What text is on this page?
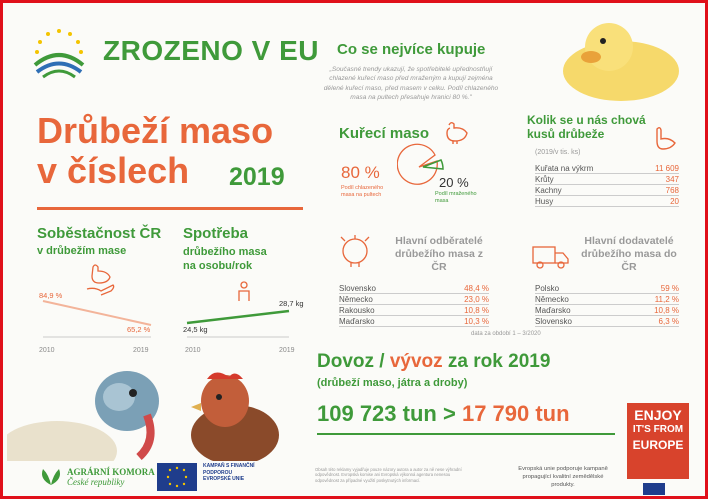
ZROZENO V EU
Drůbeží maso
v číslech	2019
Co se nejvíce kupuje
„Současné trendy ukazují, že spotřebitelé upřednostňují chlazené kuřecí maso před mraženým a kupují zejména dělené kuřecí maso, před masem v celku. Podíl chlazeného masa na pultech přesahuje hranici 80 %."
Kuřecí maso
80 %
Podíl chlazeného masa na pultech
20 %
Podíl mraženého masa
Kolik se u nás chová kusů drůbeže
(2019/v tis. ks)
Kuřata na výkrm	11 609
Krůty	347
Kachny	768
Husy	20
Soběstačnost ČR
v drůbežím mase
84,9 %
65,2 %
2010	2019
Spotřeba
drůbežího masa na osobu/rok
28,7 kg
24,5 kg
2010	2019
Hlavní odběratelé drůbežího masa z ČR
Slovensko	48,4 %
Německo	23,0 %
Rakousko	10,8 %
Maďarsko	10,3 %
Hlavní dodavatelé drůbežího masa do ČR
Polsko	59 %
Německo	11,2 %
Maďarsko	10,8 %
Slovensko	6,3 %
data za období 1 – 3/2020
Dovoz / vývoz za rok 2019
(drůbeží maso, játra a droby)
109 723 tun > 17 790 tun	ENJOY
IT'S FROM
EUROPE
AGRÁRNÍ KOMORA
České republiky
KAMPAŇ S FINANČNÍ PODPOROU EVROPSKÉ UNIE
Obsah této reklamy vyjadřuje pouze názory autora a autor za ně nese výhradní odpovědnost. Evropská komise ani Evropská výkonná agentura nenesou odpovědnost za případné využití poskytnutých informací.
Evropská unie podporuje kampaně propagující kvalitní zemědělské produkty.
